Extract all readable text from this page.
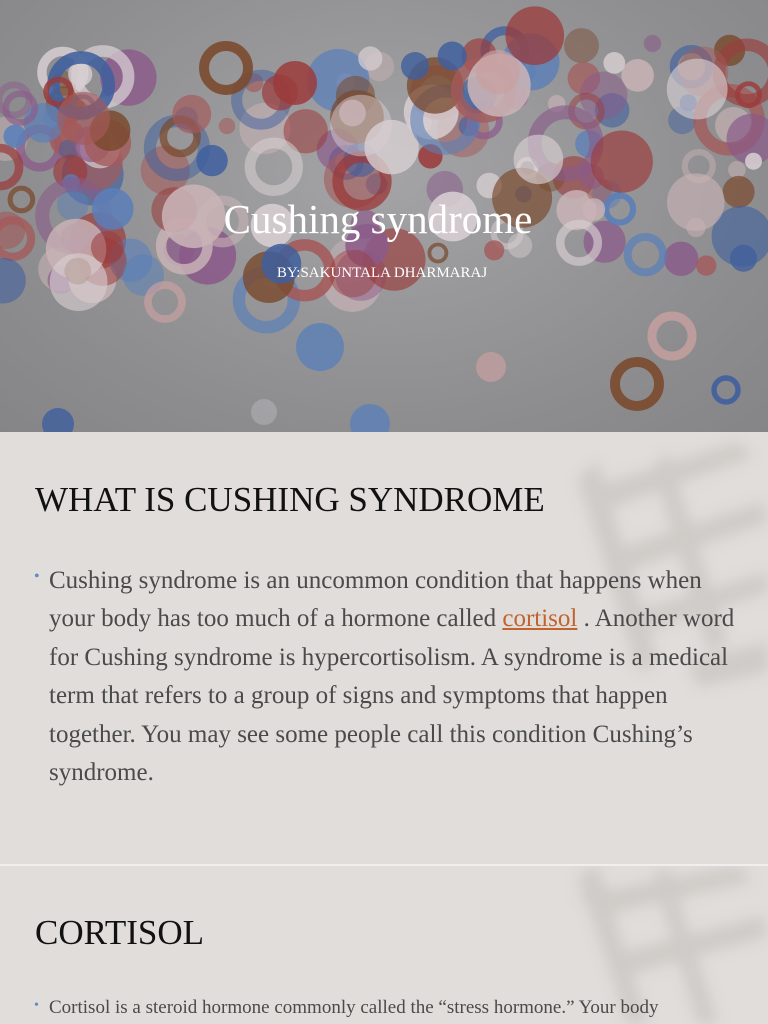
Cushing syndrome
BY:SAKUNTALA DHARMARAJ
WHAT IS CUSHING SYNDROME
• Cushing syndrome is an uncommon condition that happens when your body has too much of a hormone called cortisol . Another word for Cushing syndrome is hypercortisolism. A syndrome is a medical term that refers to a group of signs and symptoms that happen together. You may see some people call this condition Cushing’s syndrome.
CORTISOL
• Cortisol is a steroid hormone commonly called the “stress hormone.” Your body
